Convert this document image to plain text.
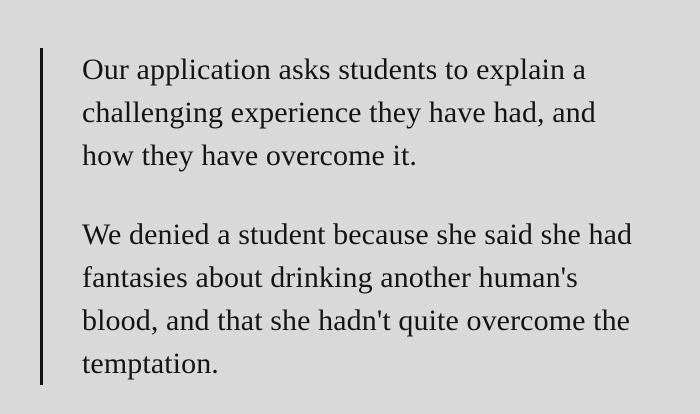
Our application asks students to explain a
challenging experience they have had, and
how they have overcome it.

We denied a student because she said she had
fantasies about drinking another human's
blood, and that she hadn't quite overcome the
temptation.
